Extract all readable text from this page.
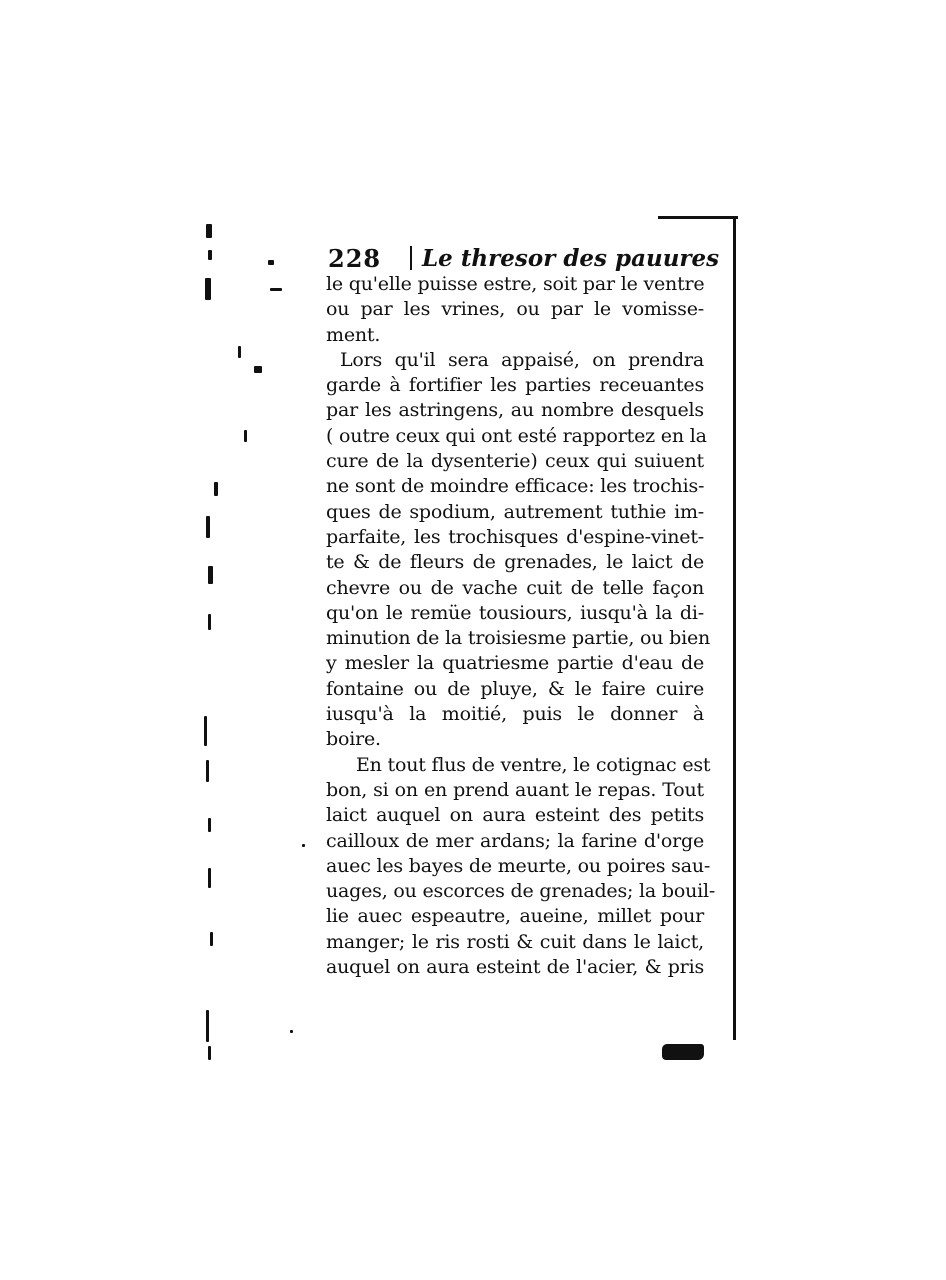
228 Le thresor des pauures
le qu'elle puisse estre, soit par le ventre
ou par les vrines, ou par le vomisse-
ment.
Lors qu'il sera appaisé, on prendra
garde à fortifier les parties receuantes
par les astringens, au nombre desquels
( outre ceux qui ont esté rapportez en la
cure de la dysenterie) ceux qui suiuent
ne sont de moindre efficace: les trochis-
ques de spodium, autrement tuthie im-
parfaite, les trochisques d'espine-vinet-
te & de fleurs de grenades, le laict de
chevre ou de vache cuit de telle façon
qu'on le remüe tousiours, iusqu'à la di-
minution de la troisiesme partie, ou bien
y mesler la quatriesme partie d'eau de
fontaine ou de pluye, & le faire cuire
iusqu'à la moitié, puis le donner à
boire.
En tout flus de ventre, le cotignac est
bon, si on en prend auant le repas. Tout
laict auquel on aura esteint des petits
cailloux de mer ardans; la farine d'orge
auec les bayes de meurte, ou poires sau-
uages, ou escorces de grenades; la bouil-
lie auec espeautre, aueine, millet pour
manger; le ris rosti & cuit dans le laict,
auquel on aura esteint de l'acier, & pris
